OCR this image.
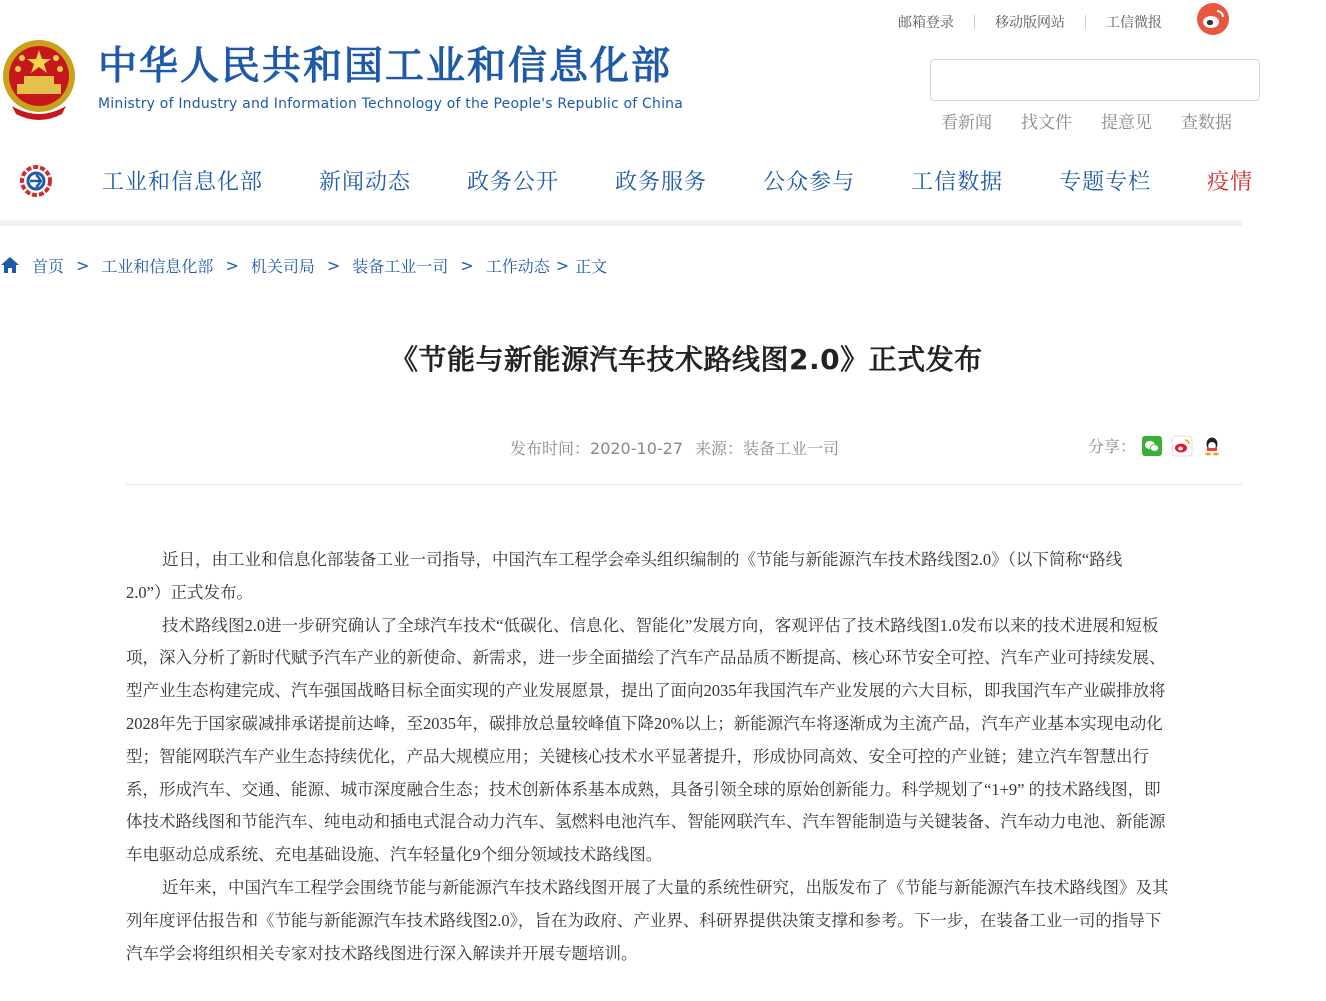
中华人民共和国工业和信息化部
Ministry of Industry and Information Technology of the People's Republic of China
邮箱登录	移动版网站	工信微报
看新闻 找文件 提意见 查数据
工业和信息化部	新闻动态	政务公开	政务服务	公众参与	工信数据	专题专栏	疫情
首页 > 工业和信息化部 > 机关司局 > 装备工业一司 > 工作动态 > 正文
《节能与新能源汽车技术路线图2.0》正式发布
发布时间：2020-10-27 来源：装备工业一司	分享：
近日，由工业和信息化部装备工业一司指导，中国汽车工程学会牵头组织编制的《节能与新能源汽车技术路线图2.0》（以下简称“路线
2.0”）正式发布。
技术路线图2.0进一步研究确认了全球汽车技术“低碳化、信息化、智能化”发展方向，客观评估了技术路线图1.0发布以来的技术进展和短板
项，深入分析了新时代赋予汽车产业的新使命、新需求，进一步全面描绘了汽车产品品质不断提高、核心环节安全可控、汽车产业可持续发展、
型产业生态构建完成、汽车强国战略目标全面实现的产业发展愿景，提出了面向2035年我国汽车产业发展的六大目标，即我国汽车产业碳排放将
2028年先于国家碳减排承诺提前达峰，至2035年，碳排放总量较峰值下降20%以上；新能源汽车将逐渐成为主流产品，汽车产业基本实现电动化
型；智能网联汽车产业生态持续优化，产品大规模应用；关键核心技术水平显著提升，形成协同高效、安全可控的产业链；建立汽车智慧出行
系，形成汽车、交通、能源、城市深度融合生态；技术创新体系基本成熟，具备引领全球的原始创新能力。科学规划了“1+9” 的技术路线图，即
体技术路线图和节能汽车、纯电动和插电式混合动力汽车、氢燃料电池汽车、智能网联汽车、汽车智能制造与关键装备、汽车动力电池、新能源
车电驱动总成系统、充电基础设施、汽车轻量化9个细分领域技术路线图。
近年来，中国汽车工程学会围绕节能与新能源汽车技术路线图开展了大量的系统性研究，出版发布了《节能与新能源汽车技术路线图》及其
列年度评估报告和《节能与新能源汽车技术路线图2.0》，旨在为政府、产业界、科研界提供决策支撑和参考。下一步，在装备工业一司的指导下
汽车学会将组织相关专家对技术路线图进行深入解读并开展专题培训。
